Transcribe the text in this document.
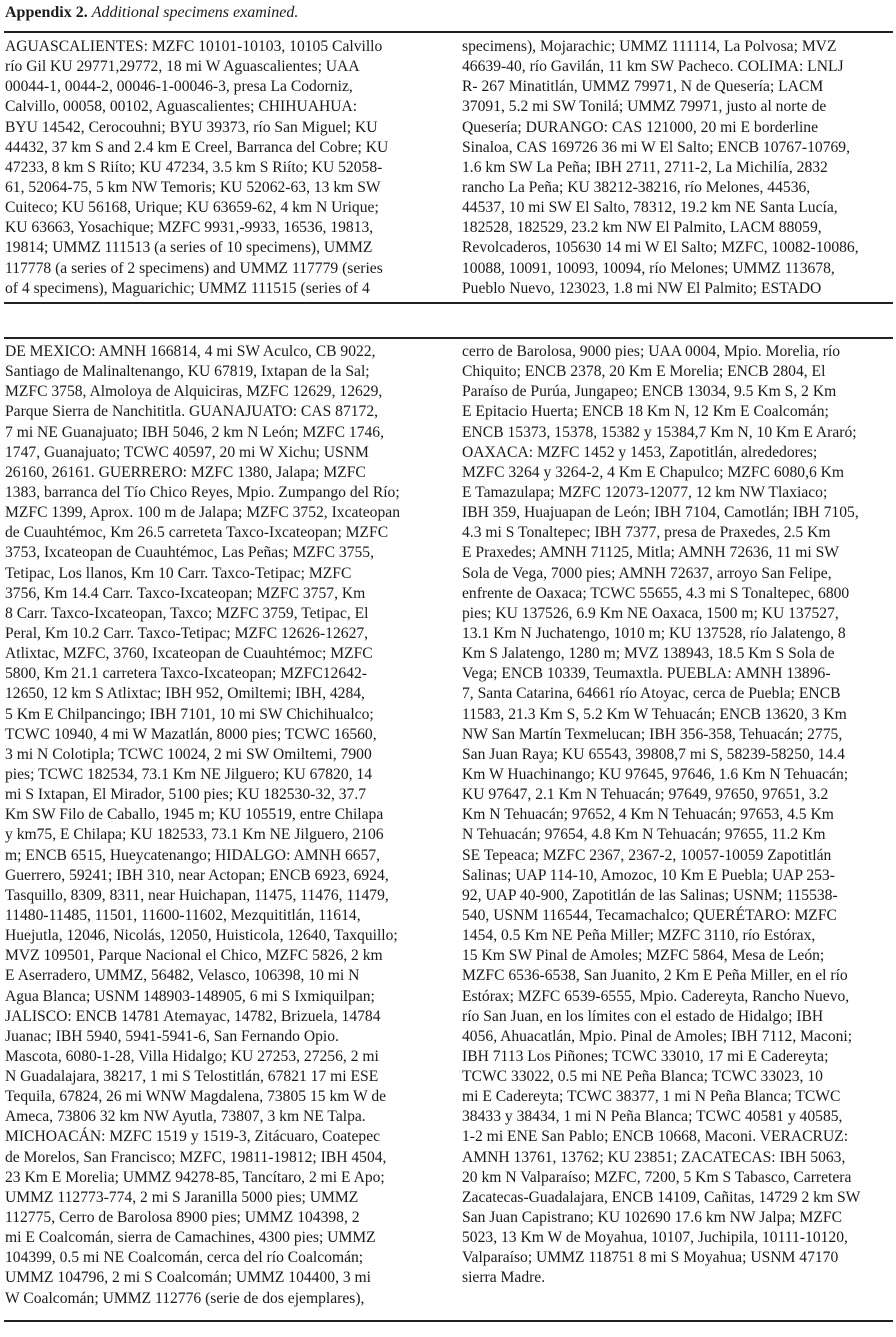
Appendix 2. Additional specimens examined.
AGUASCALIENTES: MZFC 10101-10103, 10105 Calvillo
río Gil KU 29771,29772, 18 mi W Aguascalientes; UAA
00044-1, 0044-2, 00046-1-00046-3, presa La Codorniz,
Calvillo, 00058, 00102, Aguascalientes; CHIHUAHUA:
BYU 14542, Cerocouhni; BYU 39373, río San Miguel; KU
44432, 37 km S and 2.4 km E Creel, Barranca del Cobre; KU
47233, 8 km S Riíto; KU 47234, 3.5 km S Riíto; KU 52058-
61, 52064-75, 5 km NW Temoris; KU 52062-63, 13 km SW
Cuiteco; KU 56168, Urique; KU 63659-62, 4 km N Urique;
KU 63663, Yosachique; MZFC 9931,-9933, 16536, 19813,
19814; UMMZ 111513 (a series of 10 specimens), UMMZ
117778 (a series of 2 specimens) and UMMZ 117779 (series
of 4 specimens), Maguarichic; UMMZ 111515 (series of 4
specimens), Mojarachic; UMMZ 111114, La Polvosa; MVZ
46639-40, río Gavilán, 11 km SW Pacheco. COLIMA: LNLJ
R- 267 Minatitlán, UMMZ 79971, N de Quesería; LACM
37091, 5.2 mi SW Tonilá; UMMZ 79971, justo al norte de
Quesería; DURANGO: CAS 121000, 20 mi E borderline
Sinaloa, CAS 169726 36 mi W El Salto; ENCB 10767-10769,
1.6 km SW La Peña; IBH 2711, 2711-2, La Michilía, 2832
rancho La Peña; KU 38212-38216, río Melones, 44536,
44537, 10 mi SW El Salto, 78312, 19.2 km NE Santa Lucía,
182528, 182529, 23.2 km NW El Palmito, LACM 88059,
Revolcaderos, 105630 14 mi W El Salto; MZFC, 10082-10086,
10088, 10091, 10093, 10094, río Melones; UMMZ 113678,
Pueblo Nuevo, 123023, 1.8 mi NW El Palmito; ESTADO
DE MEXICO: AMNH 166814, 4 mi SW Aculco, CB 9022,
Santiago de Malinaltenango, KU 67819, Ixtapan de la Sal;
MZFC 3758, Almoloya de Alquiciras, MZFC 12629, 12629,
Parque Sierra de Nanchititla. GUANAJUATO: CAS 87172,
7 mi NE Guanajuato; IBH 5046, 2 km N León; MZFC 1746,
1747, Guanajuato; TCWC 40597, 20 mi W Xichu; USNM
26160, 26161. GUERRERO: MZFC 1380, Jalapa; MZFC
1383, barranca del Tío Chico Reyes, Mpio. Zumpango del Río;
MZFC 1399, Aprox. 100 m de Jalapa; MZFC 3752, Ixcateopan
de Cuauhtémoc, Km 26.5 carreteta Taxco-Ixcateopan; MZFC
3753, Ixcateopan de Cuauhtémoc, Las Peñas; MZFC 3755,
Tetipac, Los llanos, Km 10 Carr. Taxco-Tetipac; MZFC
3756, Km 14.4 Carr. Taxco-Ixcateopan; MZFC 3757, Km
8 Carr. Taxco-Ixcateopan, Taxco; MZFC 3759, Tetipac, El
Peral, Km 10.2 Carr. Taxco-Tetipac; MZFC 12626-12627,
Atlixtac, MZFC, 3760, Ixcateopan de Cuauhtémoc; MZFC
5800, Km 21.1 carretera Taxco-Ixcateopan; MZFC12642-
12650, 12 km S Atlixtac; IBH 952, Omiltemi; IBH, 4284,
5 Km E Chilpancingo; IBH 7101, 10 mi SW Chichihualco;
TCWC 10940, 4 mi W Mazatlán, 8000 pies; TCWC 16560,
3 mi N Colotipla; TCWC 10024, 2 mi SW Omiltemi, 7900
pies; TCWC 182534, 73.1 Km NE Jilguero; KU 67820, 14
mi S Ixtapan, El Mirador, 5100 pies; KU 182530-32, 37.7
Km SW Filo de Caballo, 1945 m; KU 105519, entre Chilapa
y km75, E Chilapa; KU 182533, 73.1 Km NE Jilguero, 2106
m; ENCB 6515, Hueycatenango; HIDALGO: AMNH 6657,
Guerrero, 59241; IBH 310, near Actopan; ENCB 6923, 6924,
Tasquillo, 8309, 8311, near Huichapan, 11475, 11476, 11479,
11480-11485, 11501, 11600-11602, Mezquititlán, 11614,
Huejutla, 12046, Nicolás, 12050, Huisticola, 12640, Taxquillo;
MVZ 109501, Parque Nacional el Chico, MZFC 5826, 2 km
E Aserradero, UMMZ, 56482, Velasco, 106398, 10 mi N
Agua Blanca; USNM 148903-148905, 6 mi S Ixmiquilpan;
JALISCO: ENCB 14781 Atemayac, 14782, Brizuela, 14784
Juanac; IBH 5940, 5941-5941-6, San Fernando Opio.
Mascota, 6080-1-28, Villa Hidalgo; KU 27253, 27256, 2 mi
N Guadalajara, 38217, 1 mi S Telostitlán, 67821 17 mi ESE
Tequila, 67824, 26 mi WNW Magdalena, 73805 15 km W de
Ameca, 73806 32 km NW Ayutla, 73807, 3 km NE Talpa.
MICHOACÁN: MZFC 1519 y 1519-3, Zitácuaro, Coatepec
de Morelos, San Francisco; MZFC, 19811-19812; IBH 4504,
23 Km E Morelia; UMMZ 94278-85, Tancítaro, 2 mi E Apo;
UMMZ 112773-774, 2 mi S Jaranilla 5000 pies; UMMZ
112775, Cerro de Barolosa 8900 pies; UMMZ 104398, 2
mi E Coalcomán, sierra de Camachines, 4300 pies; UMMZ
104399, 0.5 mi NE Coalcomán, cerca del río Coalcomán;
UMMZ 104796, 2 mi S Coalcomán; UMMZ 104400, 3 mi
W Coalcomán; UMMZ 112776 (serie de dos ejemplares),
cerro de Barolosa, 9000 pies; UAA 0004, Mpio. Morelia, río
Chiquito; ENCB 2378, 20 Km E Morelia; ENCB 2804, El
Paraíso de Purúa, Jungapeo; ENCB 13034, 9.5 Km S, 2 Km
E Epitacio Huerta; ENCB 18 Km N, 12 Km E Coalcomán;
ENCB 15373, 15378, 15382 y 15384,7 Km N, 10 Km E Araró;
OAXACA: MZFC 1452 y 1453, Zapotitlán, alrededores;
MZFC 3264 y 3264-2, 4 Km E Chapulco; MZFC 6080,6 Km
E Tamazulapa; MZFC 12073-12077, 12 km NW Tlaxiaco;
IBH 359, Huajuapan de León; IBH 7104, Camotlán; IBH 7105,
4.3 mi S Tonaltepec; IBH 7377, presa de Praxedes, 2.5 Km
E Praxedes; AMNH 71125, Mitla; AMNH 72636, 11 mi SW
Sola de Vega, 7000 pies; AMNH 72637, arroyo San Felipe,
enfrente de Oaxaca; TCWC 55655, 4.3 mi S Tonaltepec, 6800
pies; KU 137526, 6.9 Km NE Oaxaca, 1500 m; KU 137527,
13.1 Km N Juchatengo, 1010 m; KU 137528, río Jalatengo, 8
Km S Jalatengo, 1280 m; MVZ 138943, 18.5 Km S Sola de
Vega; ENCB 10339, Teumaxtla. PUEBLA: AMNH 13896-
7, Santa Catarina, 64661 río Atoyac, cerca de Puebla; ENCB
11583, 21.3 Km S, 5.2 Km W Tehuacán; ENCB 13620, 3 Km
NW San Martín Texmelucan; IBH 356-358, Tehuacán; 2775,
San Juan Raya; KU 65543, 39808,7 mi S, 58239-58250, 14.4
Km W Huachinango; KU 97645, 97646, 1.6 Km N Tehuacán;
KU 97647, 2.1 Km N Tehuacán; 97649, 97650, 97651, 3.2
Km N Tehuacán; 97652, 4 Km N Tehuacán; 97653, 4.5 Km
N Tehuacán; 97654, 4.8 Km N Tehuacán; 97655, 11.2 Km
SE Tepeaca; MZFC 2367, 2367-2, 10057-10059 Zapotitlán
Salinas; UAP 114-10, Amozoc, 10 Km E Puebla; UAP 253-
92, UAP 40-900, Zapotitlán de las Salinas; USNM; 115538-
540, USNM 116544, Tecamachalco; QUERÉTARO: MZFC
1454, 0.5 Km NE Peña Miller; MZFC 3110, río Estórax,
15 Km SW Pinal de Amoles; MZFC 5864, Mesa de León;
MZFC 6536-6538, San Juanito, 2 Km E Peña Miller, en el río
Estórax; MZFC 6539-6555, Mpio. Cadereyta, Rancho Nuevo,
río San Juan, en los límites con el estado de Hidalgo; IBH
4056, Ahuacatlán, Mpio. Pinal de Amoles; IBH 7112, Maconi;
IBH 7113 Los Piñones; TCWC 33010, 17 mi E Cadereyta;
TCWC 33022, 0.5 mi NE Peña Blanca; TCWC 33023, 10
mi E Cadereyta; TCWC 38377, 1 mi N Peña Blanca; TCWC
38433 y 38434, 1 mi N Peña Blanca; TCWC 40581 y 40585,
1-2 mi ENE San Pablo; ENCB 10668, Maconi. VERACRUZ:
AMNH 13761, 13762; KU 23851; ZACATECAS: IBH 5063,
20 km N Valparaíso; MZFC, 7200, 5 Km S Tabasco, Carretera
Zacatecas-Guadalajara, ENCB 14109, Cañitas, 14729 2 km SW
San Juan Capistrano; KU 102690 17.6 km NW Jalpa; MZFC
5023, 13 Km W de Moyahua, 10107, Juchipila, 10111-10120,
Valparaíso; UMMZ 118751 8 mi S Moyahua; USNM 47170
sierra Madre.
